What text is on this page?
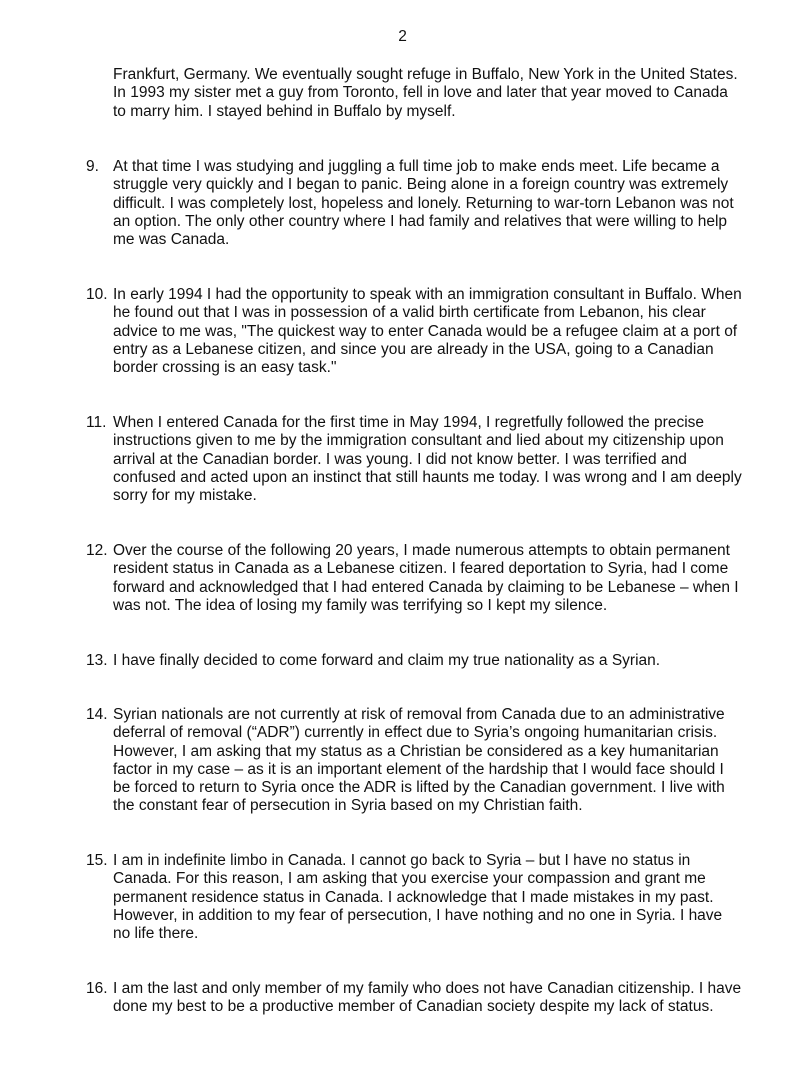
2
Frankfurt, Germany. We eventually sought refuge in Buffalo, New York in the United States.
In 1993 my sister met a guy from Toronto, fell in love and later that year moved to Canada
to marry him. I stayed behind in Buffalo by myself.
9. At that time I was studying and juggling a full time job to make ends meet. Life became a
struggle very quickly and I began to panic. Being alone in a foreign country was extremely
difficult. I was completely lost, hopeless and lonely. Returning to war-torn Lebanon was not
an option. The only other country where I had family and relatives that were willing to help
me was Canada.
10. In early 1994 I had the opportunity to speak with an immigration consultant in Buffalo. When
he found out that I was in possession of a valid birth certificate from Lebanon, his clear
advice to me was, "The quickest way to enter Canada would be a refugee claim at a port of
entry as a Lebanese citizen, and since you are already in the USA, going to a Canadian
border crossing is an easy task."
11. When I entered Canada for the first time in May 1994, I regretfully followed the precise
instructions given to me by the immigration consultant and lied about my citizenship upon
arrival at the Canadian border. I was young. I did not know better. I was terrified and
confused and acted upon an instinct that still haunts me today. I was wrong and I am deeply
sorry for my mistake.
12. Over the course of the following 20 years, I made numerous attempts to obtain permanent
resident status in Canada as a Lebanese citizen. I feared deportation to Syria, had I come
forward and acknowledged that I had entered Canada by claiming to be Lebanese – when I
was not. The idea of losing my family was terrifying so I kept my silence.
13. I have finally decided to come forward and claim my true nationality as a Syrian.
14. Syrian nationals are not currently at risk of removal from Canada due to an administrative
deferral of removal (“ADR”) currently in effect due to Syria’s ongoing humanitarian crisis.
However, I am asking that my status as a Christian be considered as a key humanitarian
factor in my case – as it is an important element of the hardship that I would face should I
be forced to return to Syria once the ADR is lifted by the Canadian government. I live with
the constant fear of persecution in Syria based on my Christian faith.
15. I am in indefinite limbo in Canada. I cannot go back to Syria – but I have no status in
Canada. For this reason, I am asking that you exercise your compassion and grant me
permanent residence status in Canada. I acknowledge that I made mistakes in my past.
However, in addition to my fear of persecution, I have nothing and no one in Syria. I have
no life there.
16. I am the last and only member of my family who does not have Canadian citizenship. I have
done my best to be a productive member of Canadian society despite my lack of status.
